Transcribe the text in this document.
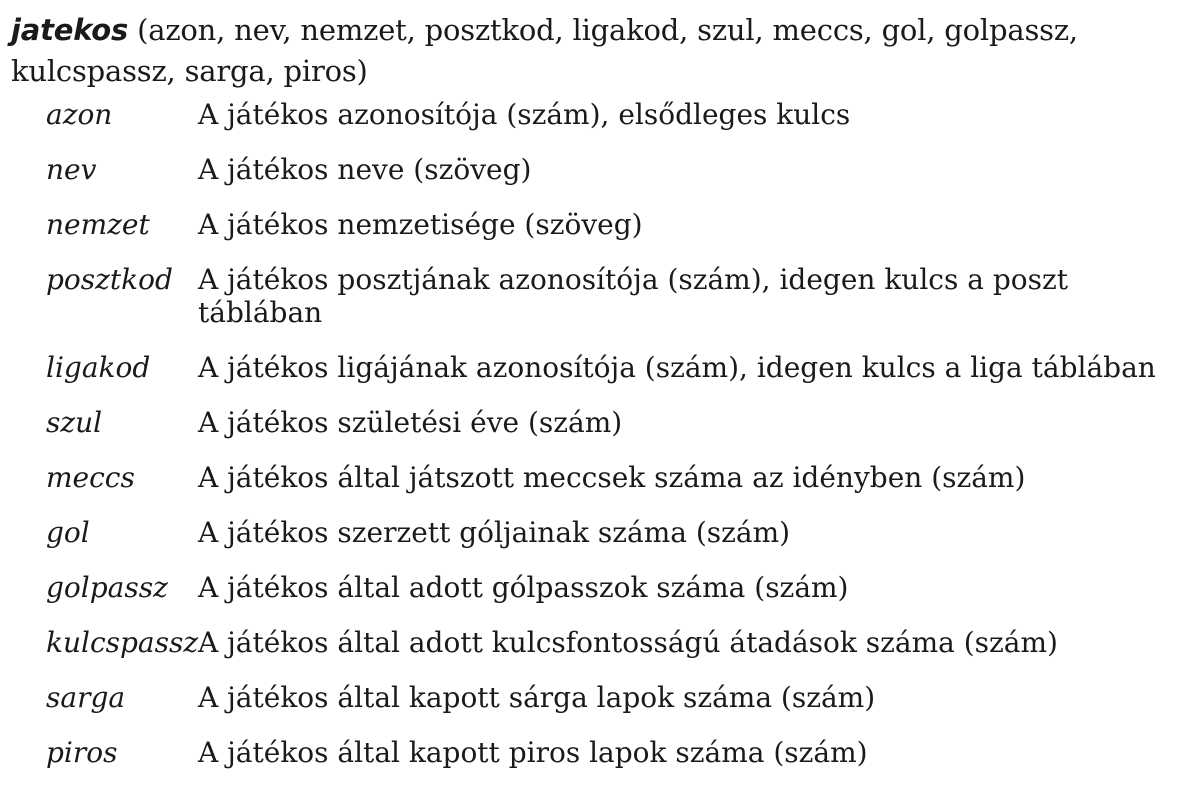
jatekos (azon, nev, nemzet, posztkod, ligakod, szul, meccs, gol, golpassz, kulcspassz, sarga, piros)
azon	A játékos azonosítója (szám), elsődleges kulcs
nev	A játékos neve (szöveg)
nemzet	A játékos nemzetisége (szöveg)
posztkod A játékos posztjának azonosítója (szám), idegen kulcs a poszt táblában
ligakod	A játékos ligájának azonosítója (szám), idegen kulcs a liga táblában
szul	A játékos születési éve (szám)
meccs	A játékos által játszott meccsek száma az idényben (szám)
gol	A játékos szerzett góljainak száma (szám)
golpassz	A játékos által adott gólpasszok száma (szám)
kulcspassz A játékos által adott kulcsfontosságú átadások száma (szám)
sarga	A játékos által kapott sárga lapok száma (szám)
piros	A játékos által kapott piros lapok száma (szám)
